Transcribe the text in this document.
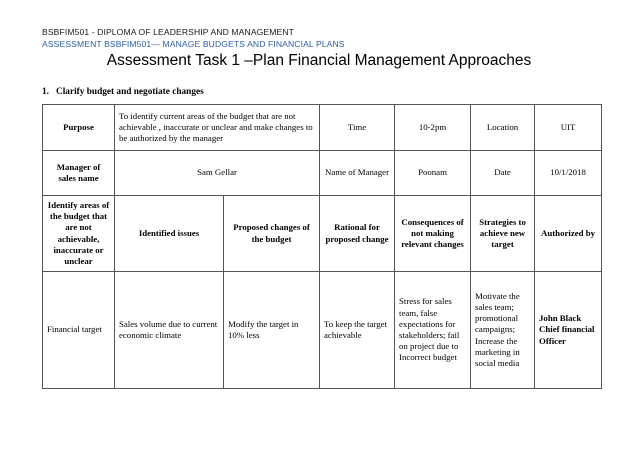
BSBFIM501 - DIPLOMA OF LEADERSHIP AND MANAGEMENT
ASSESSMENT BSBFIM501— MANAGE BUDGETS AND FINANCIAL PLANS
Assessment Task 1 –Plan Financial Management Approaches
1. Clarify budget and negotiate changes
Purpose	To identify current areas of the budget that are not achievable , inaccurate or unclear and make changes to be authorized by the manager		Time	10-2pm	Location	UIT
Manager of sales name	Sam Gellar		Name of Manager	Poonam	Date	10/1/2018
Identify areas of the budget that are not achievable, inaccurate or unclear	Identified issues	Proposed changes of the budget	Rational for proposed change	Consequences of not making relevant changes	Strategies to achieve new target	Authorized by
Financial target	Sales volume due to current economic climate	Modify the target in 10% less	To keep the target achievable	Stress for sales team, false expectations for stakeholders; fail on project due to Incorrect budget	Motivate the sales team; promotional campaigns; Increase the marketing in social media	John Black Chief financial Officer
